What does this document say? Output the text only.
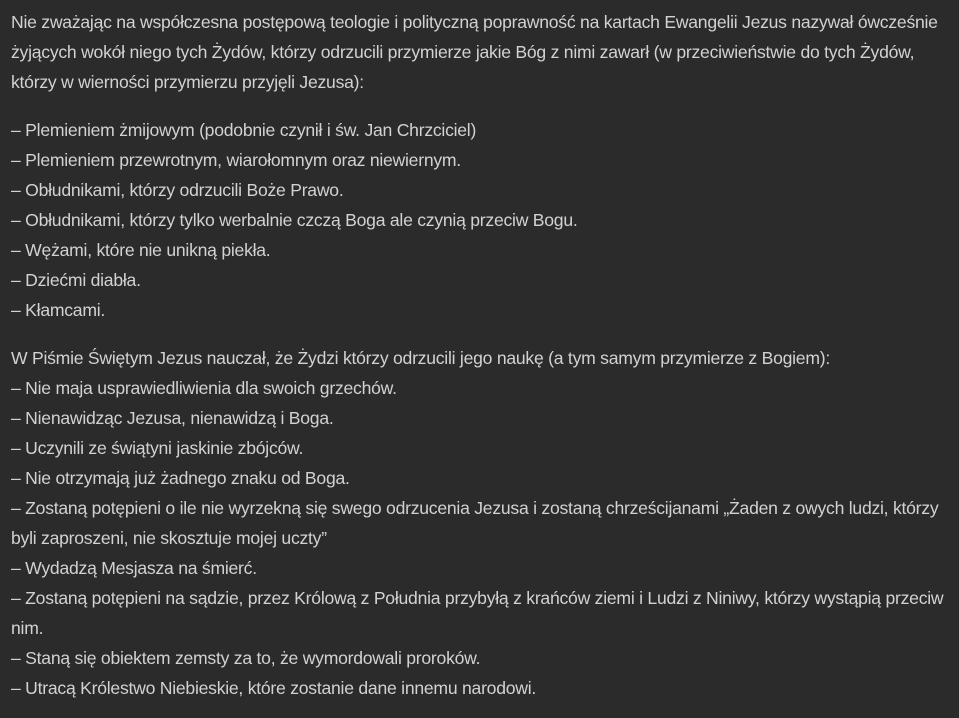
Nie zważając na współczesna postępową teologie i polityczną poprawność na kartach Ewangelii Jezus nazywał ówcześnie żyjących wokół niego tych Żydów, którzy odrzucili przymierze jakie Bóg z nimi zawarł (w przeciwieństwie do tych Żydów, którzy w wierności przymierzu przyjęli Jezusa):

– Plemieniem żmijowym (podobnie czynił i św. Jan Chrzciciel)
– Plemieniem przewrotnym, wiarołomnym oraz niewiernym.
– Obłudnikami, którzy odrzucili Boże Prawo.
– Obłudnikami, którzy tylko werbalnie czczą Boga ale czynią przeciw Bogu.
– Wężami, które nie unikną piekła.
– Dziećmi diabła.
– Kłamcami.
W Piśmie Świętym Jezus nauczał, że Żydzi którzy odrzucili jego naukę (a tym samym przymierze z Bogiem):
– Nie maja usprawiedliwienia dla swoich grzechów.
– Nienawidząc Jezusa, nienawidzą i Boga.
– Uczynili ze świątyni jaskinie zbójców.
– Nie otrzymają już żadnego znaku od Boga.

– Zostaną potępieni o ile nie wyrzekną się swego odrzucenia Jezusa i zostaną chrześcijanami „Żaden z owych ludzi, którzy byli zaproszeni, nie skosztuje mojej uczty”

– Wydadzą Mesjasza na śmierć.

– Zostaną potępieni na sądzie, przez Królową z Południa przybyłą z krańców ziemi i Ludzi z Niniwy, którzy wystąpią przeciw nim.

– Staną się obiektem zemsty za to, że wymordowali proroków.
– Utracą Królestwo Niebieskie, które zostanie dane innemu narodowi.
